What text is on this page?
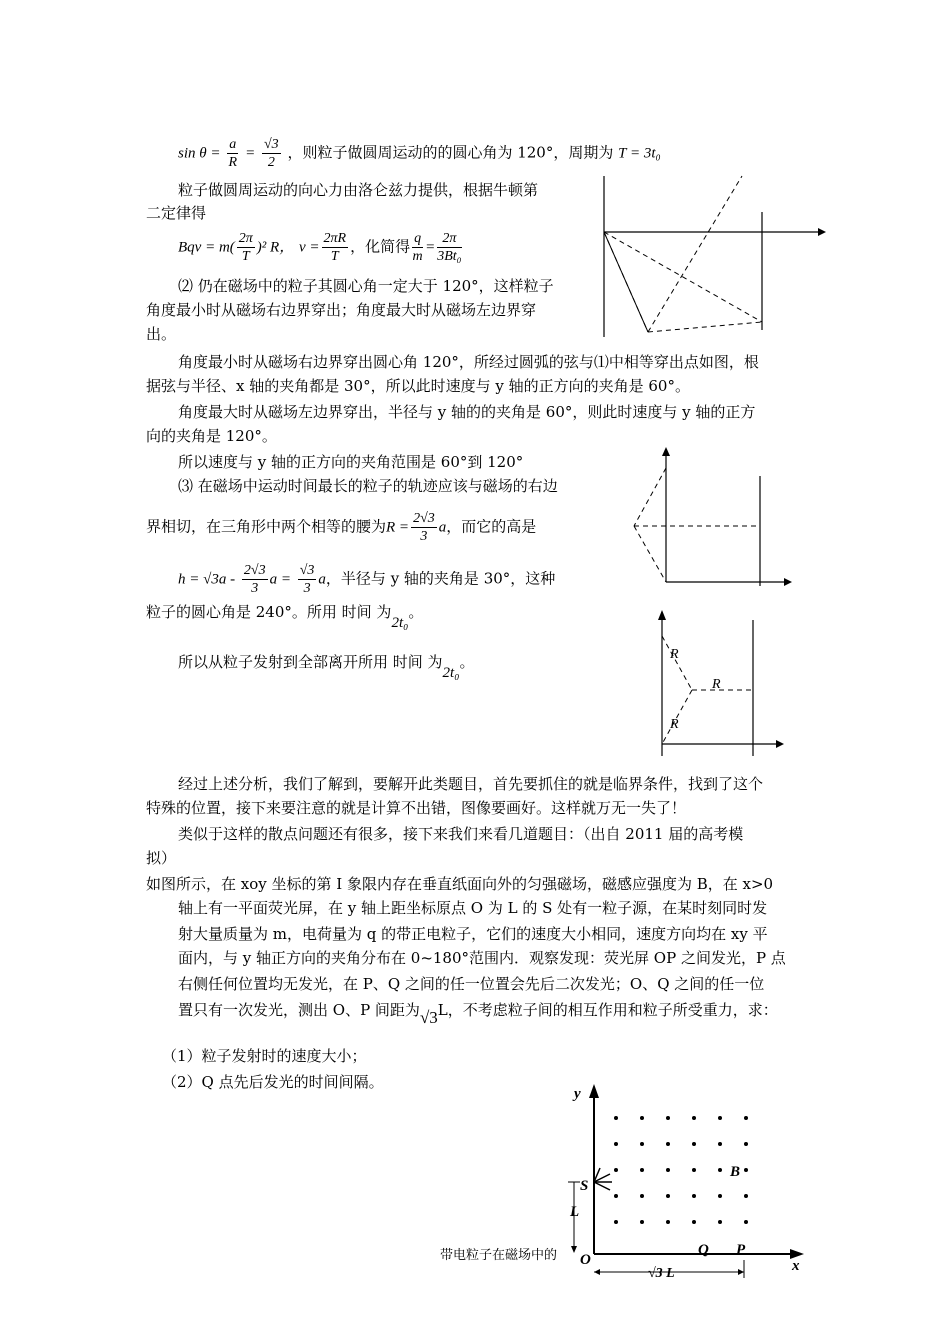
$\sin \theta = \frac{a}{R} = \frac{√3}{2}$ ，则粒子做圆周运动的的圆心角为 120°，周期为 T = 3t₀
粒子做圆周运动的向心力由洛仑兹力提供，根据牛顿第
二定律得
Bqv = $m( \frac{2\pi}{T} )^2$ R， $v = \frac{2\pi R}{T}$ ，化简得 $\frac{q}{m} = \frac{2\pi}{\text{3Bt₀}}$
⑵ 仍在磁场中的粒子其圆心角一定大于 120°，这样粒子
角度最小时从磁场右边界穿出；角度最大时从磁场左边界穿
出。
角度最小时从磁场右边界穿出圆心角 120°，所经过圆弧的弦与⑴中相等穿出点如图，根
据弦与半径、x 轴的夹角都是 30°，所以此时速度与 y 轴的正方向的夹角是 60°。
角度最大时从磁场左边界穿出，半径与 y 轴的的夹角是 60°，则此时速度与 y 轴的正方
向的夹角是 120°。
所以速度与 y 轴的正方向的夹角范围是 60°到 120°
⑶ 在磁场中运动时间最长的粒子的轨迹应该与磁场的右边
界相切，在三角形中两个相等的腰为$R = \frac{2√3}{3}$ a，而它的高是
$h = √3a - \frac{2√3}{3}$ $a = \frac{√3}{3}$ a，半径与 y 轴的夹角是 30°，这种
粒子的圆心角是 240°。所用 时间 为2t₀。
所以从粒子发射到全部离开所用 时间 为2t₀。	R
R
R
经过上述分析，我们了解到，要解开此类题目，首先要抓住的就是临界条件，找到了这个
特殊的位置，接下来要注意的就是计算不出错，图像要画好。这样就万无一失了！
类似于这样的散点问题还有很多，接下来我们来看几道题目：（出自 2011 届的高考模
拟）
如图所示，在 xoy 坐标的第 I 象限内存在垂直纸面向外的匀强磁场，磁感应强度为 B，在 x>0
轴上有一平面荧光屏，在 y 轴上距坐标原点 O 为 L 的 S 处有一粒子源，在某时刻同时发
射大量质量为 m，电荷量为 q 的带正电粒子，它们的速度大小相同，速度方向均在 xy 平
面内，与 y 轴正方向的夹角分布在 0~180°范围内．观察发现：荧光屏 OP 之间发光，P 点
右侧任何位置均无发光，在 P、Q 之间的任一位置会先后二次发光；O、Q 之间的任一位
置只有一次发光，测出 O、P 间距为√3L，不考虑粒子间的相互作用和粒子所受重力，求：
（1）粒子发射时的速度大小；
（2）Q 点先后发光的时间间隔。
带电粒子在磁场中的
y
x
O
S
B
L
Q P
√3 L
